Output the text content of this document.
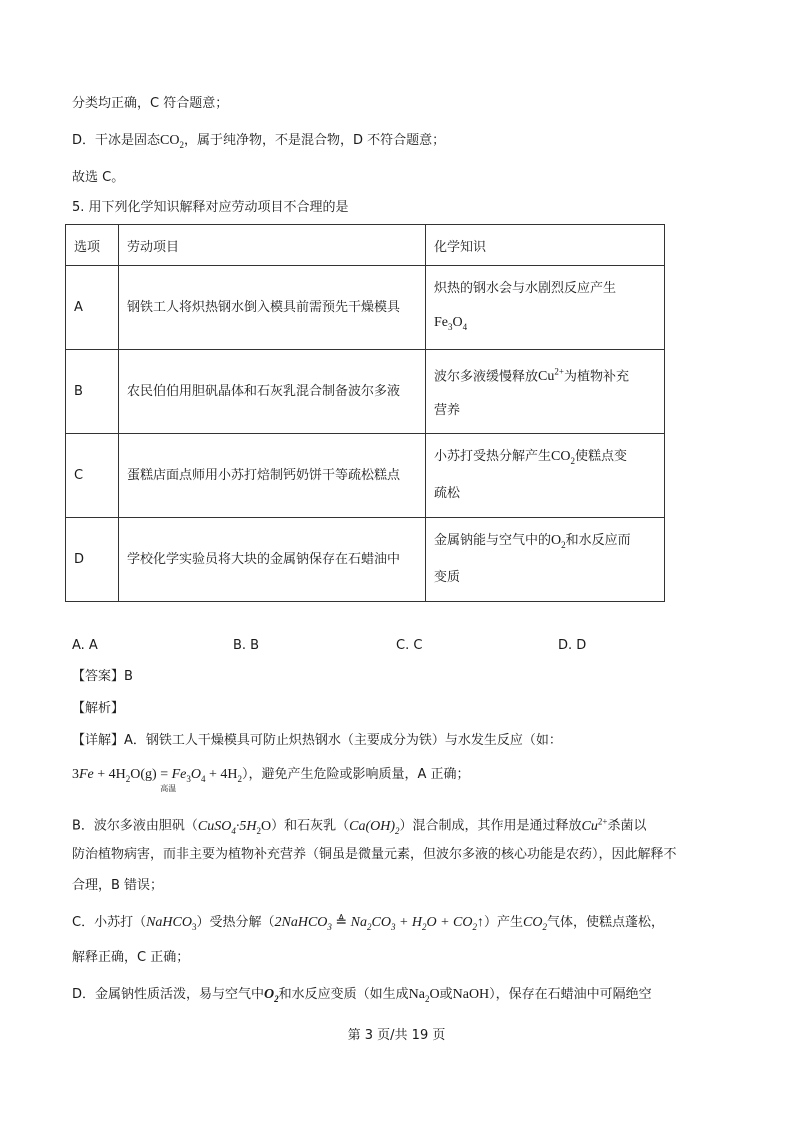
分类均正确，C 符合题意；
D．干冰是固态$CO_2$，属于纯净物，不是混合物，D 不符合题意；
故选 C。
5. 用下列化学知识解释对应劳动项目不合理的是
选项	劳动项目	化学知识
A	钢铁工人将炽热钢水倒入模具前需预先干燥模具	炽热的钢水会与水剧烈反应产生
$Fe_3O_4$
B	农民伯伯用胆矾晶体和石灰乳混合制备波尔多液	波尔多液缓慢释放$Cu^{2+}$为植物补充
营养
C	蛋糕店面点师用小苏打焙制钙奶饼干等疏松糕点	小苏打受热分解产生$CO_2$使糕点变
疏松
D	学校化学实验员将大块的金属钠保存在石蜡油中	金属钠能与空气中的$O_2$和水反应而
变质
A. A	B. B	C. C	D. D
【答案】B
【解析】
【详解】A．钢铁工人干燥模具可防止炽热钢水（主要成分为铁）与水发生反应（如：
$3Fe + 4H_2O(g)$ =
高温
$Fe_3O_4 + 4H_2$），避免产生危险或影响质量，A 正确；
B．波尔多液由胆矾$(CuSO_4\cdot 5H_2O)$和石灰乳$(Ca(OH)_2)$混合制成，其作用是通过释放$Cu^{2+}$杀菌以
防治植物病害，而非主要为植物补充营养（铜虽是微量元素，但波尔多液的核心功能是农药），因此解释不
合理，B 错误；
C．小苏打（NaHCO$_3$）受热分解（2NaHCO$_3$ ≜ $Na_2CO_3 + H_2O$ + $CO_2↑$）产生$CO_2$气体，使糕点蓬松，
解释正确，C 正确；
D．金属钠性质活泼，易与空气中$O_2$和水反应变质（如生成$Na_2O$或NaOH），保存在石蜡油中可隔绝空
第 3 页/共 19 页
